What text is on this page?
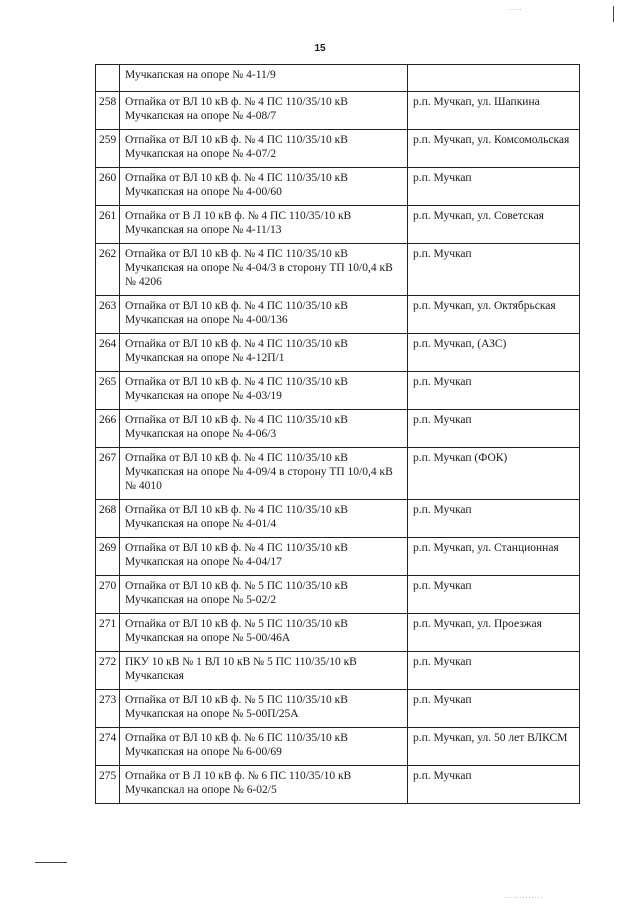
15
.....
.............
	Мучкапская на опоре № 4-11/9	
258	Отпайка от ВЛ 10 кВ ф. № 4 ПС 110/35/10 кВ Мучкапская на опоре № 4-08/7	р.п. Мучкап, ул. Шапкина
259	Отпайка от ВЛ 10 кВ ф. № 4 ПС 110/35/10 кВ Мучкапская на опоре № 4-07/2	р.п. Мучкап, ул. Комсомольская
260	Отпайка от ВЛ 10 кВ ф. № 4 ПС 110/35/10 кВ Мучкапская на опоре № 4-00/60	р.п. Мучкап
261	Отпайка от В Л 10 кВ ф. № 4 ПС 110/35/10 кВ Мучкапская на опоре № 4-11/13	р.п. Мучкап, ул. Советская
262	Отпайка от ВЛ 10 кВ ф. № 4 ПС 110/35/10 кВ Мучкапская на опоре № 4-04/3 в сторону ТП 10/0,4 кВ № 4206	р.п. Мучкап
263	Отпайка от ВЛ 10 кВ ф. № 4 ПС 110/35/10 кВ Мучкапская на опоре № 4-00/136	р.п. Мучкап, ул. Октябрьская
264	Отпайка от ВЛ 10 кВ ф. № 4 ПС 110/35/10 кВ Мучкапская на опоре № 4-12П/1	р.п. Мучкап, (АЗС)
265	Отпайка от ВЛ 10 кВ ф. № 4 ПС 110/35/10 кВ Мучкапская на опоре № 4-03/19	р.п. Мучкап
266	Отпайка от ВЛ 10 кВ ф. № 4 ПС 110/35/10 кВ Мучкапская на опоре № 4-06/3	р.п. Мучкап
267	Отпайка от ВЛ 10 кВ ф. № 4 ПС 110/35/10 кВ Мучкапская на опоре № 4-09/4 в сторону ТП 10/0,4 кВ № 4010	р.п. Мучкап (ФОК)
268	Отпайка от ВЛ 10 кВ ф. № 4 ПС 110/35/10 кВ Мучкапская на опоре № 4-01/4	р.п. Мучкап
269	Отпайка от ВЛ 10 кВ ф. № 4 ПС 110/35/10 кВ Мучкапская на опоре № 4-04/17	р.п. Мучкап, ул. Станционная
270	Отпайка от ВЛ 10 кВ ф. № 5 ПС 110/35/10 кВ Мучкапская на опоре № 5-02/2	р.п. Мучкап
271	Отпайка от ВЛ 10 кВ ф. № 5 ПС 110/35/10 кВ Мучкапская на опоре № 5-00/46А	р.п. Мучкап, ул. Проезжая
272	ПКУ 10 кВ № 1 ВЛ 10 кВ № 5 ПС 110/35/10 кВ Мучкапская	р.п. Мучкап
273	Отпайка от ВЛ 10 кВ ф. № 5 ПС 110/35/10 кВ Мучкапская на опоре № 5-00П/25А	р.п. Мучкап
274	Отпайка от ВЛ 10 кВ ф. № 6 ПС 110/35/10 кВ Мучкапская на опоре № 6-00/69	р.п. Мучкап, ул. 50 лет ВЛКСМ
275	Отпайка от В Л 10 кВ ф. № 6 ПС 110/35/10 кВ Мучкапскал на опоре № 6-02/5	р.п. Мучкап
